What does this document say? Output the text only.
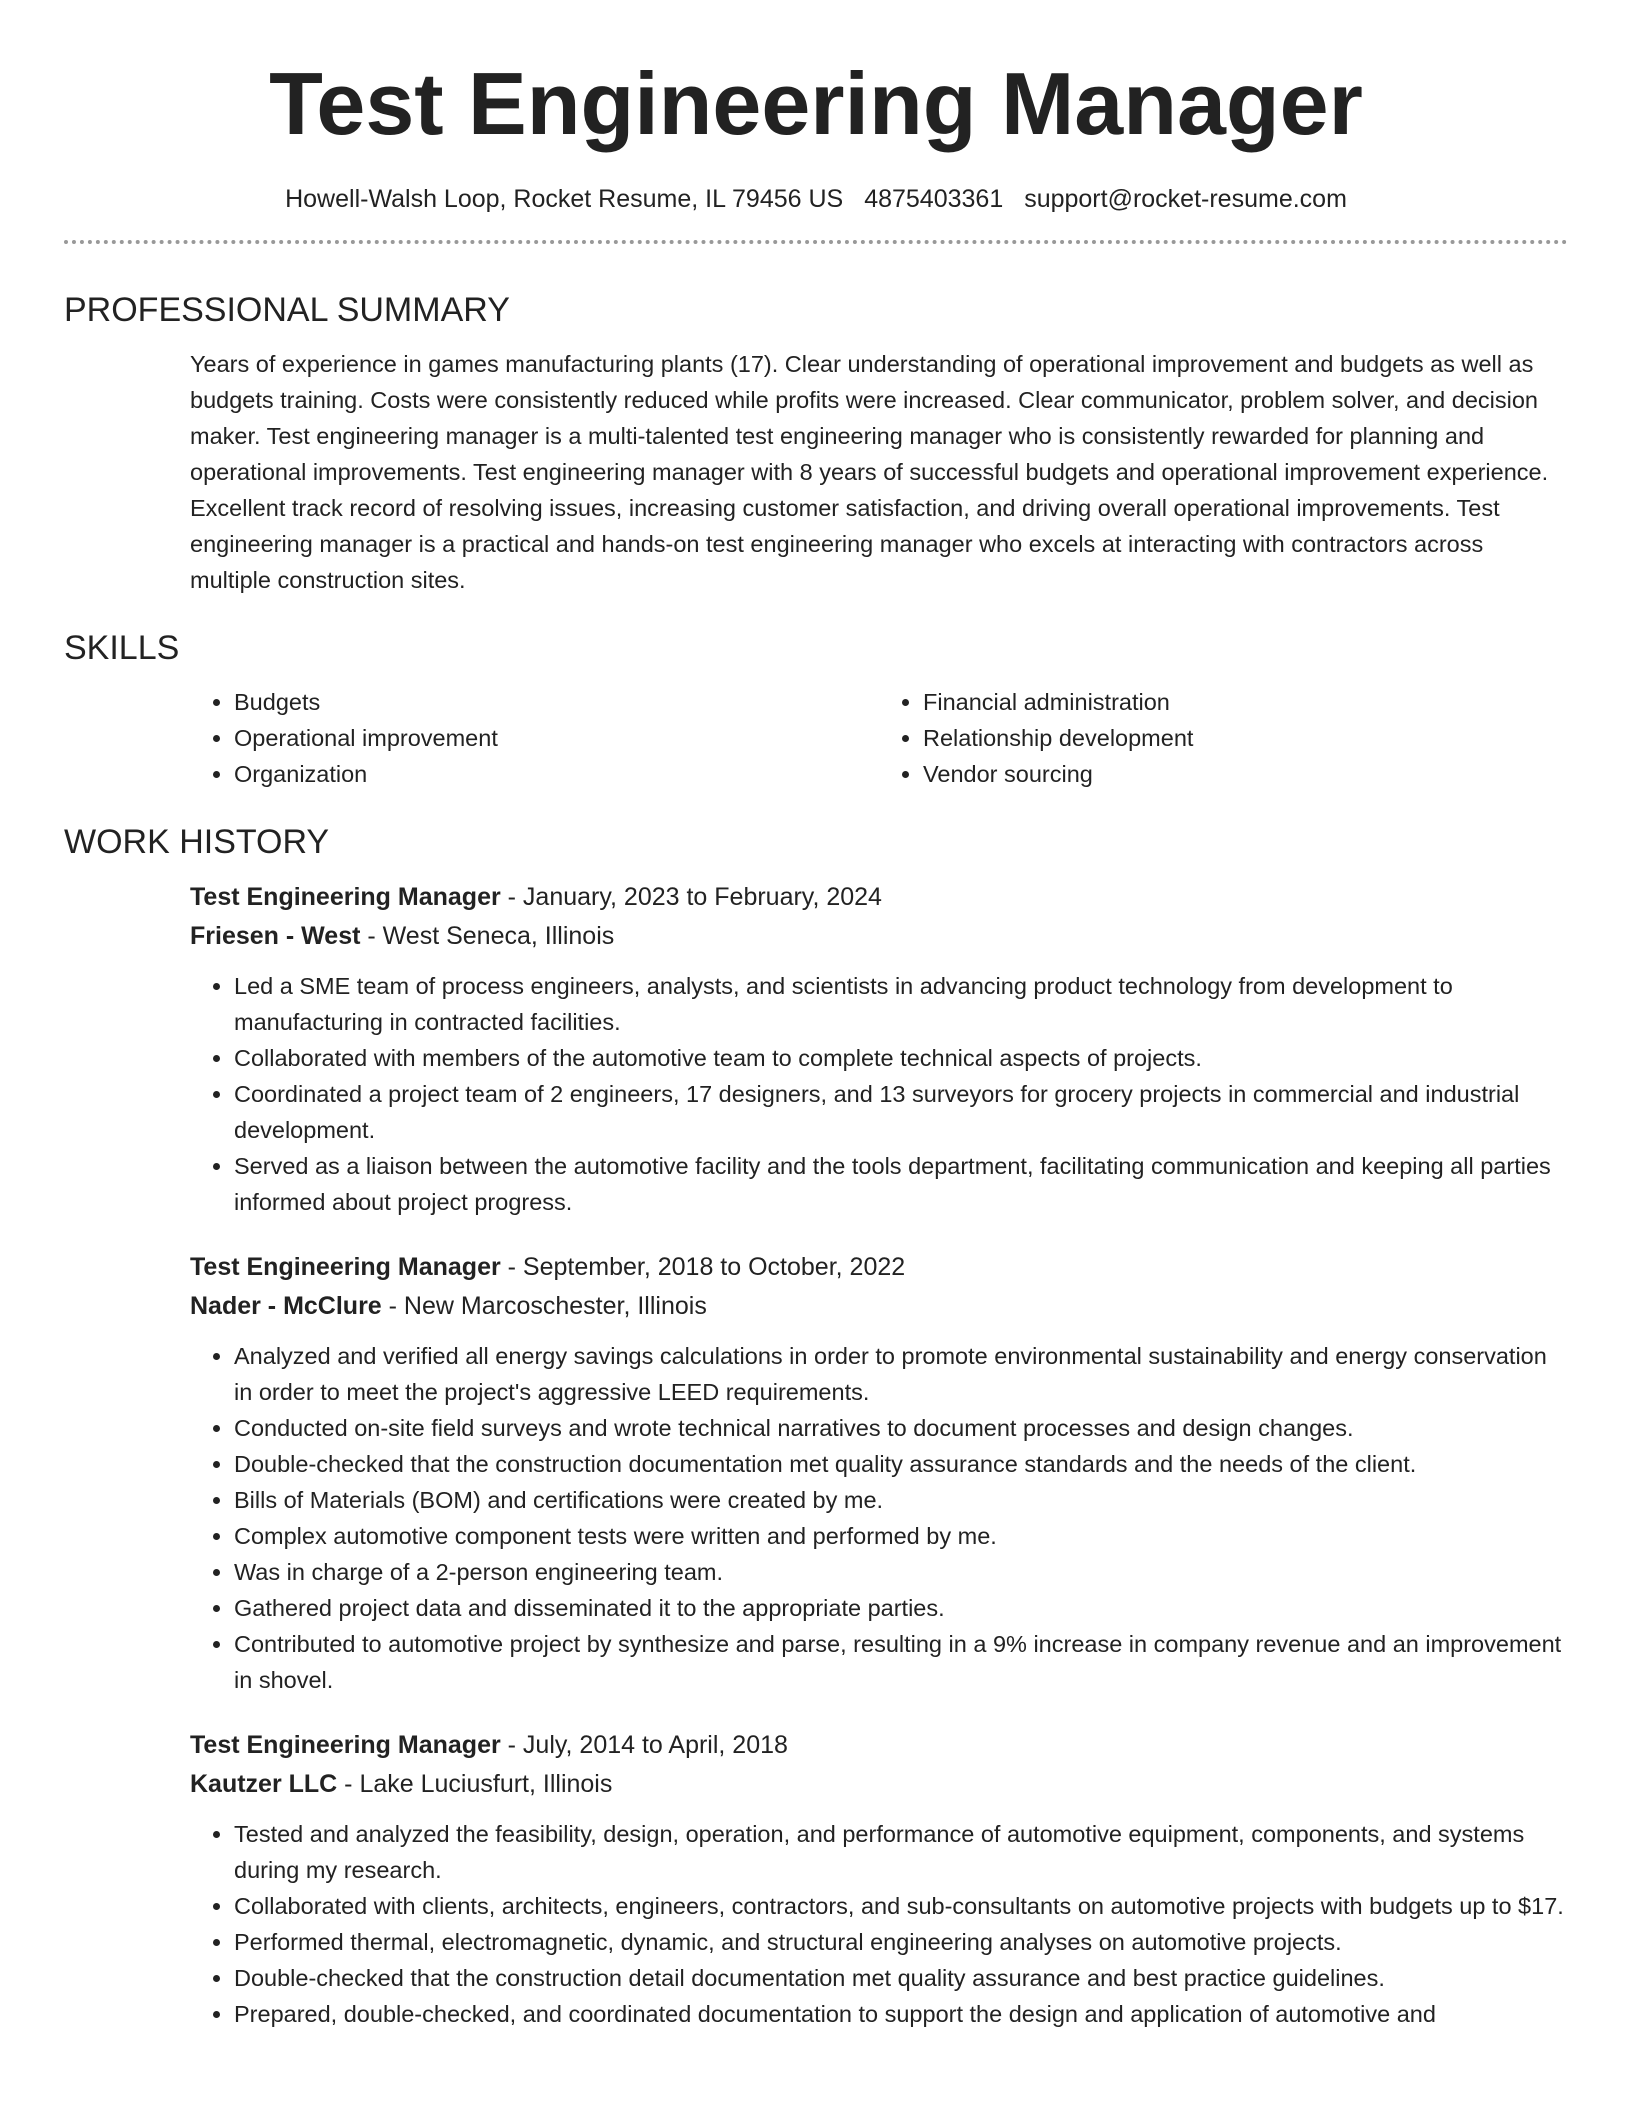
Test Engineering Manager
Howell-Walsh Loop, Rocket Resume, IL 79456 US 4875403361 support@rocket-resume.com
PROFESSIONAL SUMMARY

Years of experience in games manufacturing plants (17). Clear understanding of operational improvement and budgets as well as budgets training. Costs were consistently reduced while profits were increased. Clear communicator, problem solver, and decision maker. Test engineering manager is a multi-talented test engineering manager who is consistently rewarded for planning and operational improvements. Test engineering manager with 8 years of successful budgets and operational improvement experience. Excellent track record of resolving issues, increasing customer satisfaction, and driving overall operational improvements. Test engineering manager is a practical and hands-on test engineering manager who excels at interacting with contractors across multiple construction sites.

SKILLS
• Budgets
• Operational improvement
• Organization
• Financial administration
• Relationship development
• Vendor sourcing
WORK HISTORY
Test Engineering Manager - January, 2023 to February, 2024
Friesen - West - West Seneca, Illinois
• Led a SME team of process engineers, analysts, and scientists in advancing product technology from development to manufacturing in contracted facilities.
• Collaborated with members of the automotive team to complete technical aspects of projects.
• Coordinated a project team of 2 engineers, 17 designers, and 13 surveyors for grocery projects in commercial and industrial development.
• Served as a liaison between the automotive facility and the tools department, facilitating communication and keeping all parties informed about project progress.
Test Engineering Manager - September, 2018 to October, 2022
Nader - McClure - New Marcoschester, Illinois
• Analyzed and verified all energy savings calculations in order to promote environmental sustainability and energy conservation in order to meet the project's aggressive LEED requirements.
• Conducted on-site field surveys and wrote technical narratives to document processes and design changes.
• Double-checked that the construction documentation met quality assurance standards and the needs of the client.
• Bills of Materials (BOM) and certifications were created by me.
• Complex automotive component tests were written and performed by me.
• Was in charge of a 2-person engineering team.
• Gathered project data and disseminated it to the appropriate parties.
• Contributed to automotive project by synthesize and parse, resulting in a 9% increase in company revenue and an improvement in shovel.
Test Engineering Manager - July, 2014 to April, 2018
Kautzer LLC - Lake Luciusfurt, Illinois
• Tested and analyzed the feasibility, design, operation, and performance of automotive equipment, components, and systems during my research.
• Collaborated with clients, architects, engineers, contractors, and sub-consultants on automotive projects with budgets up to $17.
• Performed thermal, electromagnetic, dynamic, and structural engineering analyses on automotive projects.
• Double-checked that the construction detail documentation met quality assurance and best practice guidelines.
• Prepared, double-checked, and coordinated documentation to support the design and application of automotive and
